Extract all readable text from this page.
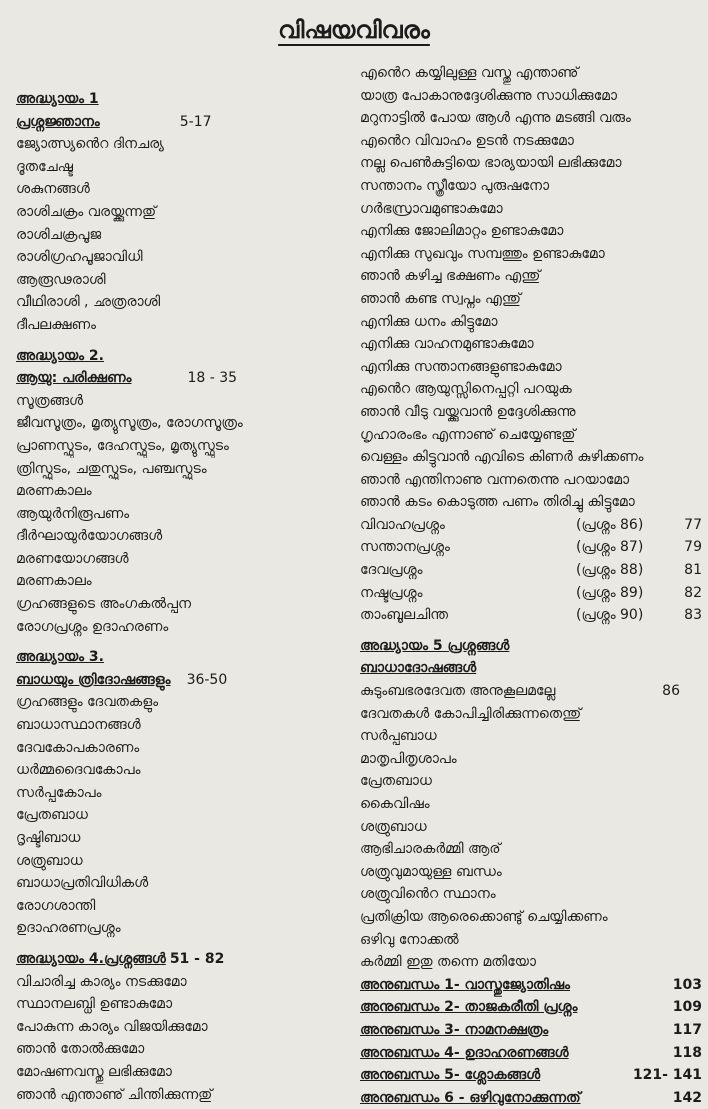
വിഷയവിവരം
അദ്ധ്യായം 1
പ്രശ്നജ്ഞാനം	5-17
ജ്യോത്സ്യൻെറ ദിനചര്യ
ദൂതചേഷ്ട
ശകുനങ്ങൾ
രാശിചക്രം വരയ്ക്കുന്നതു്
രാശിചക്രപൂജ
രാശിഗ്രഹപൂജാവിധി
ആരൂഢരാശി
വീഥിരാശി , ഛത്രരാശി
ദീപലക്ഷണം
അദ്ധ്യായം 2.
ആയു: പരിക്ഷണം	18 - 35
സൂത്രങ്ങൾ
ജീവസൂത്രം, മൃത്യുസൂത്രം, രോഗസൂത്രം
പ്രാണസ്ഫുടം, ദേഹസ്ഫുടം, മൃത്യുസ്ഫുടം
ത്രിസ്ഫുടം, ചതുസ്ഫുടം, പഞ്ചസ്ഫുടം
മരണകാലം
ആയുർനിരൂപണം
ദീർഘായുർയോഗങ്ങൾ
മരണയോഗങ്ങൾ
മരണകാലം
ഗ്രഹങ്ങളുടെ അംഗകൽപ്പന
രോഗപ്രശ്നം ഉദാഹരണം
അദ്ധ്യായം 3.
ബാധയും ത്രിദോഷങ്ങളും 36-50
ഗ്രഹങ്ങളും ദേവതകളും
ബാധാസ്ഥാനങ്ങൾ
ദേവകോപകാരണം
ധർമ്മദൈവകോപം
സർപ്പകോപം
പ്രേതബാധ
ദൃഷ്ടിബാധ
ശത്രുബാധ
ബാധാപ്രതിവിധികൾ
രോഗശാന്തി
ഉദാഹരണപ്രശ്നം
അദ്ധ്യായം 4.പ്രശ്നങ്ങൾ 51 - 82
വിചാരിച്ച കാര്യം നടക്കുമോ
സ്ഥാനലബ്ധി ഉണ്ടാകുമോ
പോകുന്ന കാര്യം വിജയിക്കുമോ
ഞാൻ തോൽക്കുമോ
മോഷണവസ്തു ലഭിക്കുമോ
ഞാൻ എന്താണു് ചിന്തിക്കുന്നതു്
എൻെറ കയ്യിലുള്ള വസ്തു എന്താണു്
യാത്ര പോകാനുദ്ദേശിക്കുന്നു സാധിക്കുമോ
മറുനാട്ടിൽ പോയ ആൾ എന്നു മടങ്ങി വരും
എൻെറ വിവാഹം ഉടൻ നടക്കുമോ
നല്ല പെൺകുട്ടിയെ ഭാര്യയായി ലഭിക്കുമോ
സന്താനം സ്ത്രീയോ പുരുഷനോ
ഗർഭസ്രാവമുണ്ടാകുമോ
എനിക്കു ജോലിമാറ്റം ഉണ്ടാകുമോ
എനിക്കു സുഖവും സമ്പത്തും ഉണ്ടാകുമോ
ഞാൻ കഴിച്ച ഭക്ഷണം എന്തു്
ഞാൻ കണ്ട സ്വപ്നം എന്തു്
എനിക്കു ധനം കിട്ടുമോ
എനിക്കു വാഹനമുണ്ടാകുമോ
എനിക്കു സന്താനങ്ങളുണ്ടാകുമോ
എൻെറ ആയുസ്സിനെപ്പറ്റി പറയുക
ഞാൻ വീടു വയ്ക്കുവാൻ ഉദ്ദേശിക്കുന്നു
ഗൃഹാരംഭം എന്നാണു് ചെയ്യേണ്ടതു്
വെള്ളം കിട്ടുവാൻ എവിടെ കിണർ കുഴിക്കണം
ഞാൻ എന്തിനാണു വന്നതെന്നു പറയാമോ
ഞാൻ കടം കൊടുത്ത പണം തിരിച്ചു കിട്ടുമോ
വിവാഹപ്രശ്നം	(പ്രശ്നം 86)	77
സന്താനപ്രശ്നം	(പ്രശ്നം 87)	79
ദേവപ്രശ്നം	(പ്രശ്നം 88)	81
നഷ്ടപ്രശ്നം	(പ്രശ്നം 89)	82
താംബൂലചിന്ത	(പ്രശ്നം 90)	83
അദ്ധ്യായം 5 പ്രശ്നങ്ങൾ
ബാധാദോഷങ്ങൾ
കുടുംബഭരദേവത അനുകൂലമല്ലേ	86
ദേവതകൾ കോപിച്ചിരിക്കുന്നതെന്തു്
സർപ്പബാധ
മാതൃപിതൃശാപം
പ്രേതബാധ
കൈവിഷം
ശത്രുബാധ
ആഭിചാരകർമ്മി ആര്
ശത്രുവുമായുള്ള ബന്ധം
ശത്രുവിൻെറ സ്ഥാനം
പ്രതിക്രിയ ആരെക്കൊണ്ടു് ചെയ്യിക്കണം
ഒഴിവു നോക്കൽ
കർമ്മി ഇതു തന്നെ മതിയോ
അനുബന്ധം 1- വാസ്തുജ്യോതിഷം	103
അനുബന്ധം 2- താജകരീതി പ്രശ്നം	109
അനുബന്ധം 3- നാമനക്ഷത്രം	117
അനുബന്ധം 4- ഉദാഹരണങ്ങൾ	118
അനുബന്ധം 5- ശ്ലോകങ്ങൾ	121- 141
അനുബന്ധം 6 - ഒഴിവുനോക്കുന്നത്	142
